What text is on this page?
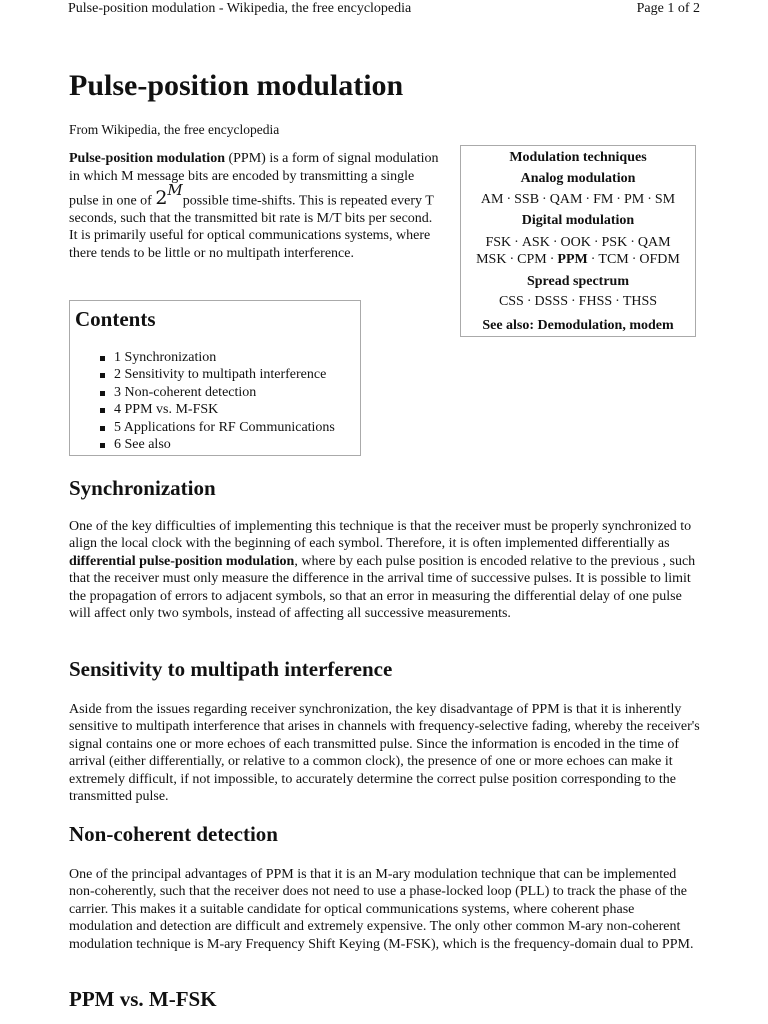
Pulse-position modulation - Wikipedia, the free encyclopedia	Page 1 of 2
Pulse-position modulation
From Wikipedia, the free encyclopedia

Pulse-position modulation (PPM) is a form of signal modulation in which M message bits are encoded by transmitting a single pulse in one of $2^Mpossible$ time-shifts. This is repeated every T seconds, such that the transmitted bit rate is M/T bits per second. It is primarily useful for optical communications systems, where there tends to be little or no multipath interference.

Modulation techniques
Analog modulation
AM · SSB · QAM · FM · PM · SM
Digital modulation
FSK · ASK · OOK · PSK · QAM
MSK · CPM · PPM · TCM · OFDM
Spread spectrum
CSS · DSSS · FHSS · THSS
See also: Demodulation, modem
Contents
1 Synchronization
2 Sensitivity to multipath interference
3 Non-coherent detection
4 PPM vs. M-FSK
5 Applications for RF Communications
6 See also
Synchronization

One of the key difficulties of implementing this technique is that the receiver must be properly synchronized to align the local clock with the beginning of each symbol. Therefore, it is often implemented differentially as differential pulse-position modulation, where by each pulse position is encoded relative to the previous , such that the receiver must only measure the difference in the arrival time of successive pulses. It is possible to limit the propagation of errors to adjacent symbols, so that an error in measuring the differential delay of one pulse will affect only two symbols, instead of affecting all successive measurements.

Sensitivity to multipath interference

Aside from the issues regarding receiver synchronization, the key disadvantage of PPM is that it is inherently sensitive to multipath interference that arises in channels with frequency-selective fading, whereby the receiver's signal contains one or more echoes of each transmitted pulse. Since the information is encoded in the time of arrival (either differentially, or relative to a common clock), the presence of one or more echoes can make it extremely difficult, if not impossible, to accurately determine the correct pulse position corresponding to the transmitted pulse.

Non-coherent detection

One of the principal advantages of PPM is that it is an M-ary modulation technique that can be implemented non-coherently, such that the receiver does not need to use a phase-locked loop (PLL) to track the phase of the carrier. This makes it a suitable candidate for optical communications systems, where coherent phase modulation and detection are difficult and extremely expensive. The only other common M-ary non-coherent modulation technique is M-ary Frequency Shift Keying (M-FSK), which is the frequency-domain dual to PPM.

PPM vs. M-FSK
